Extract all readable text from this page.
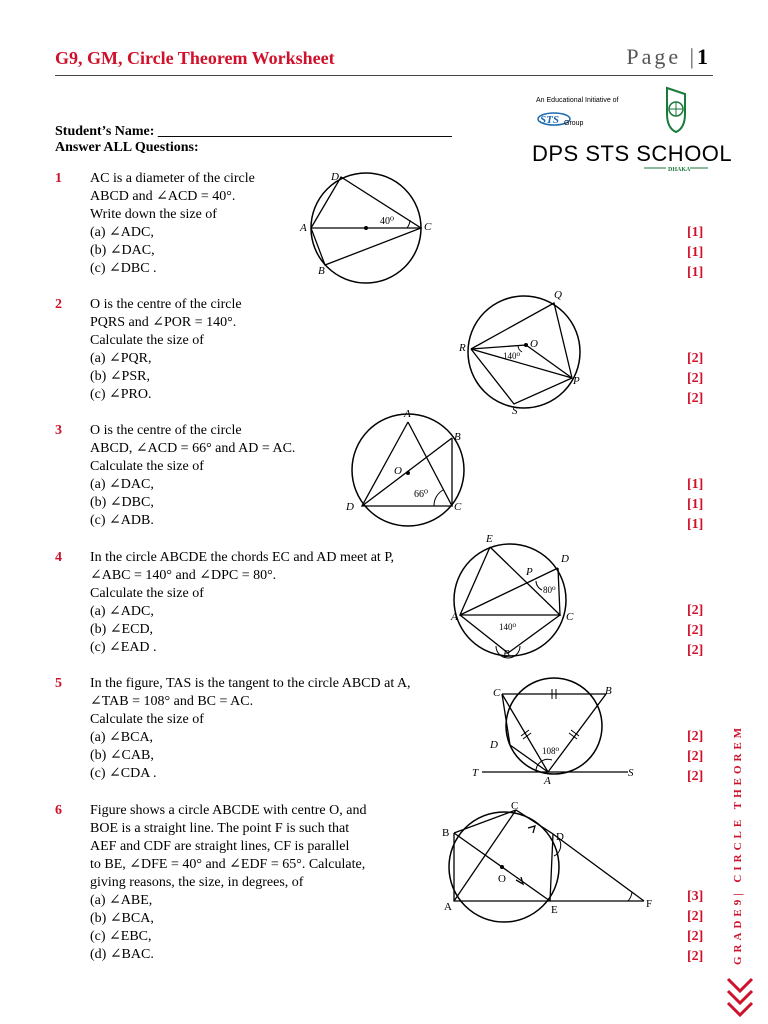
G9, GM, Circle Theorem Worksheet	Page |1
An Educational Initiative of
STS Group
DPS STS SCHOOL
DHAKA
Student’s Name: __________________________________________
Answer ALL Questions:
1 AC is a diameter of the circle
ABCD and ∠ACD = 40°.
Write down the size of
(a) ∠ADC,
(b) ∠DAC,
(c) ∠DBC .
[1]
[1]
[1]
D
A	C
B
40⁰
2 O is the centre of the circle
PQRS and ∠POR = 140°.
Calculate the size of
(a) ∠PQR,
(b) ∠PSR,
(c) ∠PRO.
[2]
[2]
[2]
Q
R	O
P
S
140⁰
3 O is the centre of the circle
ABCD, ∠ACD = 66° and AD = AC.
Calculate the size of
(a) ∠DAC,
(b) ∠DBC,
(c) ∠ADB.
[1]
[1]
[1]
A
B
O
D	C
66⁰
4 In the circle ABCDE the chords EC and AD meet at P,
∠ABC = 140° and ∠DPC = 80°.
Calculate the size of
(a) ∠ADC,
(b) ∠ECD,
(c) ∠EAD .
[2]
[2]
[2]
E
D
P
A	C
B
80⁰
140⁰
5 In the figure, TAS is the tangent to the circle ABCD at A,
∠TAB = 108° and BC = AC.
Calculate the size of
(a) ∠BCA,
(b) ∠CAB,
(c) ∠CDA .
[2]
[2]
[2]
C	B
D
T
A
S
108⁰
6 Figure shows a circle ABCDE with centre O, and
BOE is a straight line. The point F is such that
AEF and CDF are straight lines, CF is parallel
to BE, ∠DFE = 40° and ∠EDF = 65°. Calculate,
giving reasons, the size, in degrees, of
(a) ∠ABE,
(b) ∠BCA,
(c) ∠EBC,
(d) ∠BAC.
[3]
[2]
[2]
[2]
C
B	D
O
A	E	F	GRADE9| CIRCLE THEOREM
